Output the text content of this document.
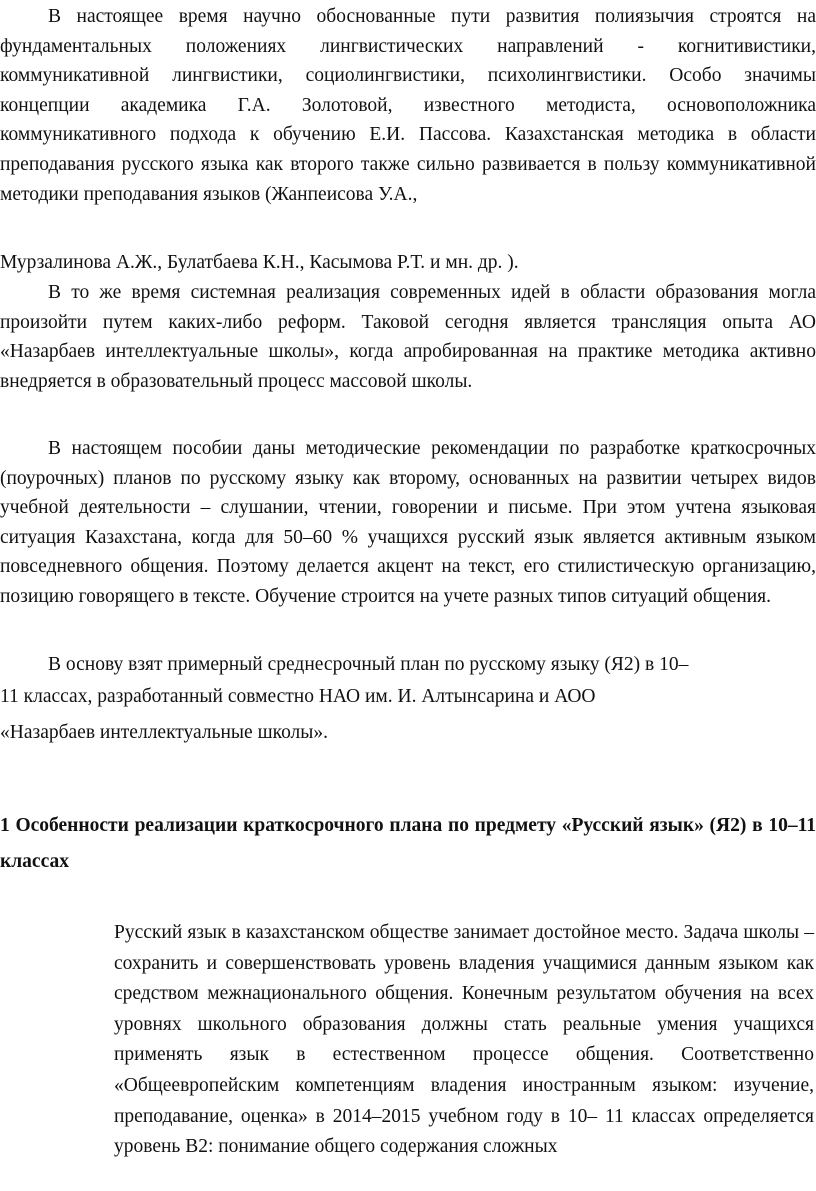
В настоящее время научно обоснованные пути развития полиязычия строятся на фундаментальных положениях лингвистических направлений - когнитивистики, коммуникативной лингвистики, социолингвистики, психолингвистики. Особо значимы концепции академика Г.А. Золотовой, известного методиста, основоположника коммуникативного подхода к обучению Е.И. Пассова. Казахстанская методика в области преподавания русского языка как второго также сильно развивается в пользу коммуникативной методики преподавания языков (Жанпеисова У.А.,

Мурзалинова А.Ж., Булатбаева К.Н., Касымова Р.Т. и мн. др. ).

В то же время системная реализация современных идей в области образования могла произойти путем каких-либо реформ. Таковой сегодня является трансляция опыта АО «Назарбаев интеллектуальные школы», когда апробированная на практике методика активно внедряется в образовательный процесс массовой школы.

В настоящем пособии даны методические рекомендации по разработке краткосрочных (поурочных) планов по русскому языку как второму, основанных на развитии четырех видов учебной деятельности – слушании, чтении, говорении и письме. При этом учтена языковая ситуация Казахстана, когда для 50–60 % учащихся русский язык является активным языком повседневного общения. Поэтому делается акцент на текст, его стилистическую организацию, позицию говорящего в тексте. Обучение строится на учете разных типов ситуаций общения.

В основу взят примерный среднесрочный план по русскому языку (Я2) в 10–

11 классах, разработанный совместно НАО им. И. Алтынсарина и АОО

«Назарбаев интеллектуальные школы».

1 Особенности реализации краткосрочного плана по предмету «Русский язык» (Я2) в 10–11 классах

Русский язык в казахстанском обществе занимает достойное место. Задача школы – сохранить и совершенствовать уровень владения учащимися данным языком как средством межнационального общения. Конечным результатом обучения на всех уровнях школьного образования должны стать реальные умения учащихся применять язык в естественном процессе общения. Соответственно «Общеевропейским компетенциям владения иностранным языком: изучение, преподавание, оценка» в 2014–2015 учебном году в 10– 11 классах определяется уровень В2: понимание общего содержания сложных
